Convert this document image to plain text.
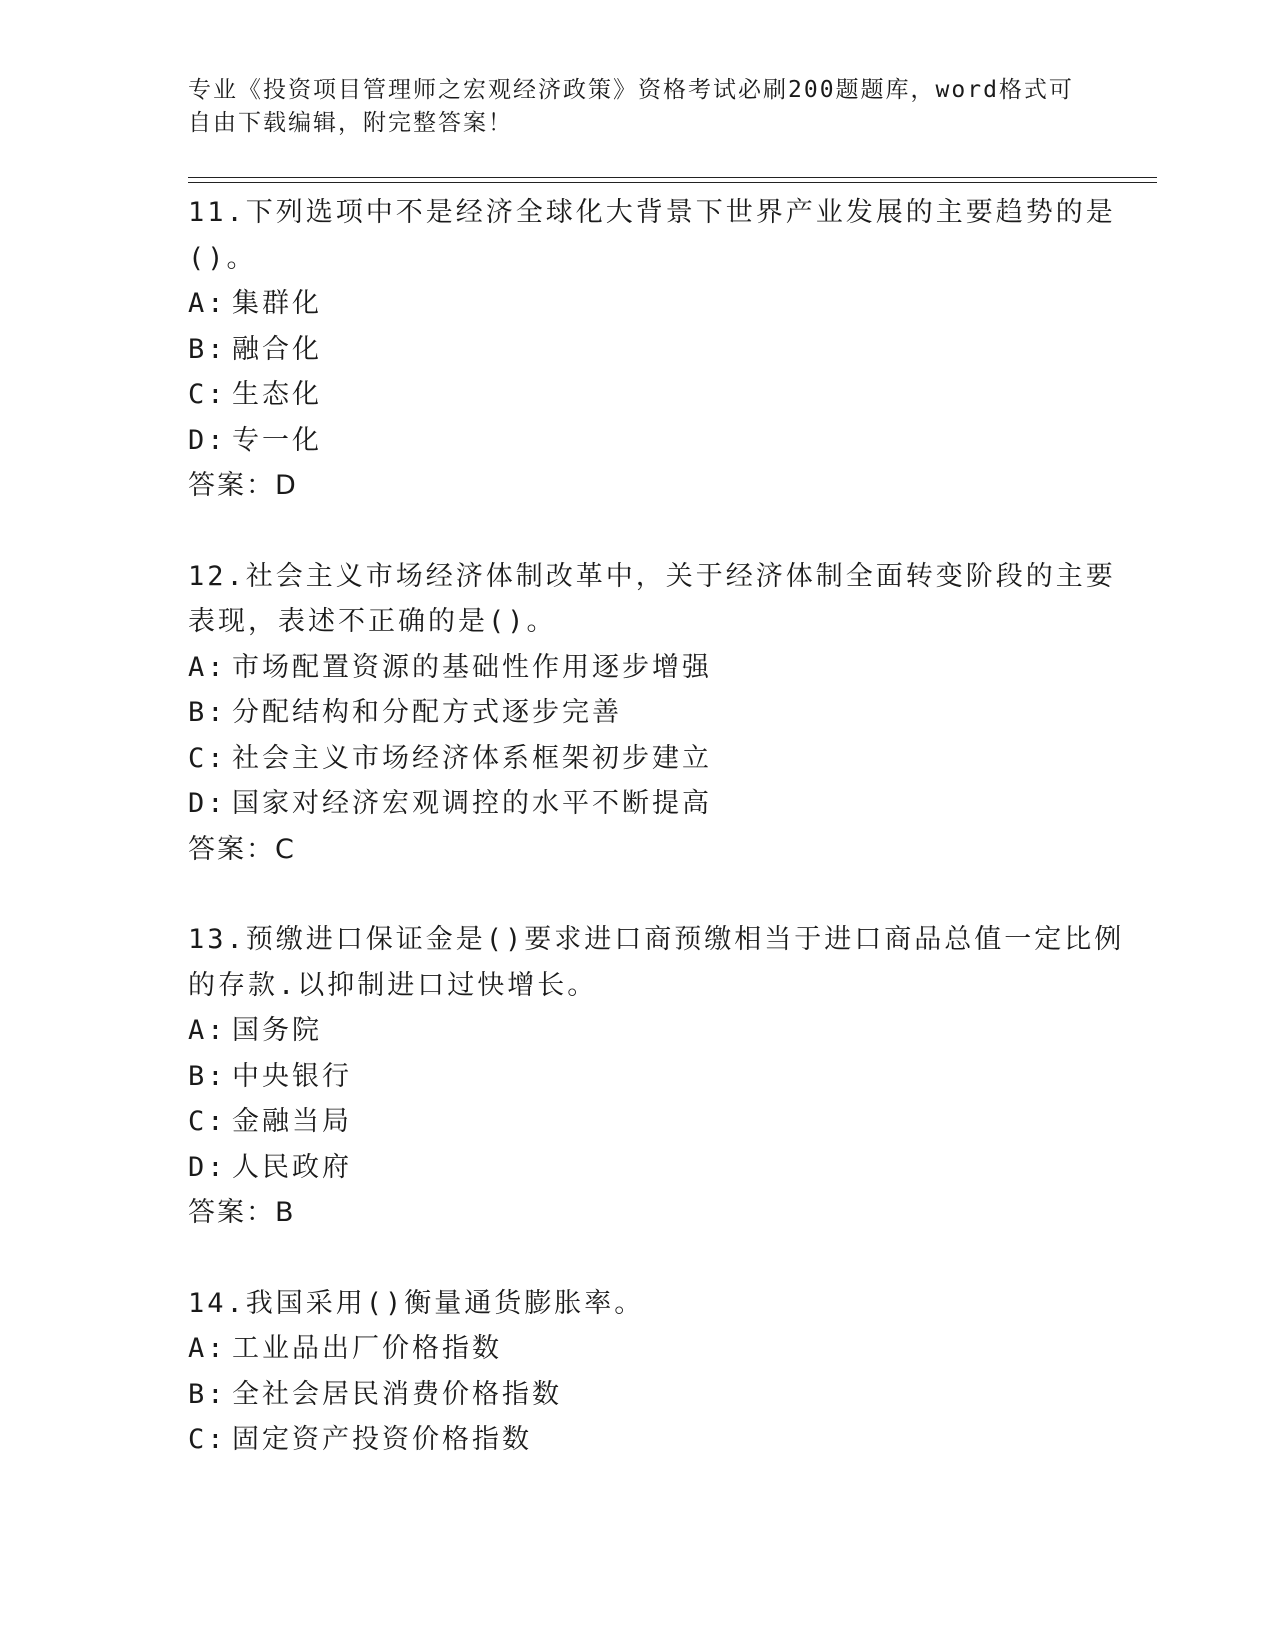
专业《投资项目管理师之宏观经济政策》资格考试必刷200题题库，word格式可
自由下载编辑，附完整答案！
11.下列选项中不是经济全球化大背景下世界产业发展的主要趋势的是
()。
A: 集群化
B: 融合化
C: 生态化
D: 专一化
答案：D
12.社会主义市场经济体制改革中，关于经济体制全面转变阶段的主要
表现，表述不正确的是()。
A: 市场配置资源的基础性作用逐步增强
B: 分配结构和分配方式逐步完善
C: 社会主义市场经济体系框架初步建立
D: 国家对经济宏观调控的水平不断提高
答案：C
13.预缴进口保证金是()要求进口商预缴相当于进口商品总值一定比例
的存款.以抑制进口过快增长。
A: 国务院
B: 中央银行
C: 金融当局
D: 人民政府
答案：B
14.我国采用()衡量通货膨胀率。
A: 工业品出厂价格指数
B: 全社会居民消费价格指数
C: 固定资产投资价格指数
